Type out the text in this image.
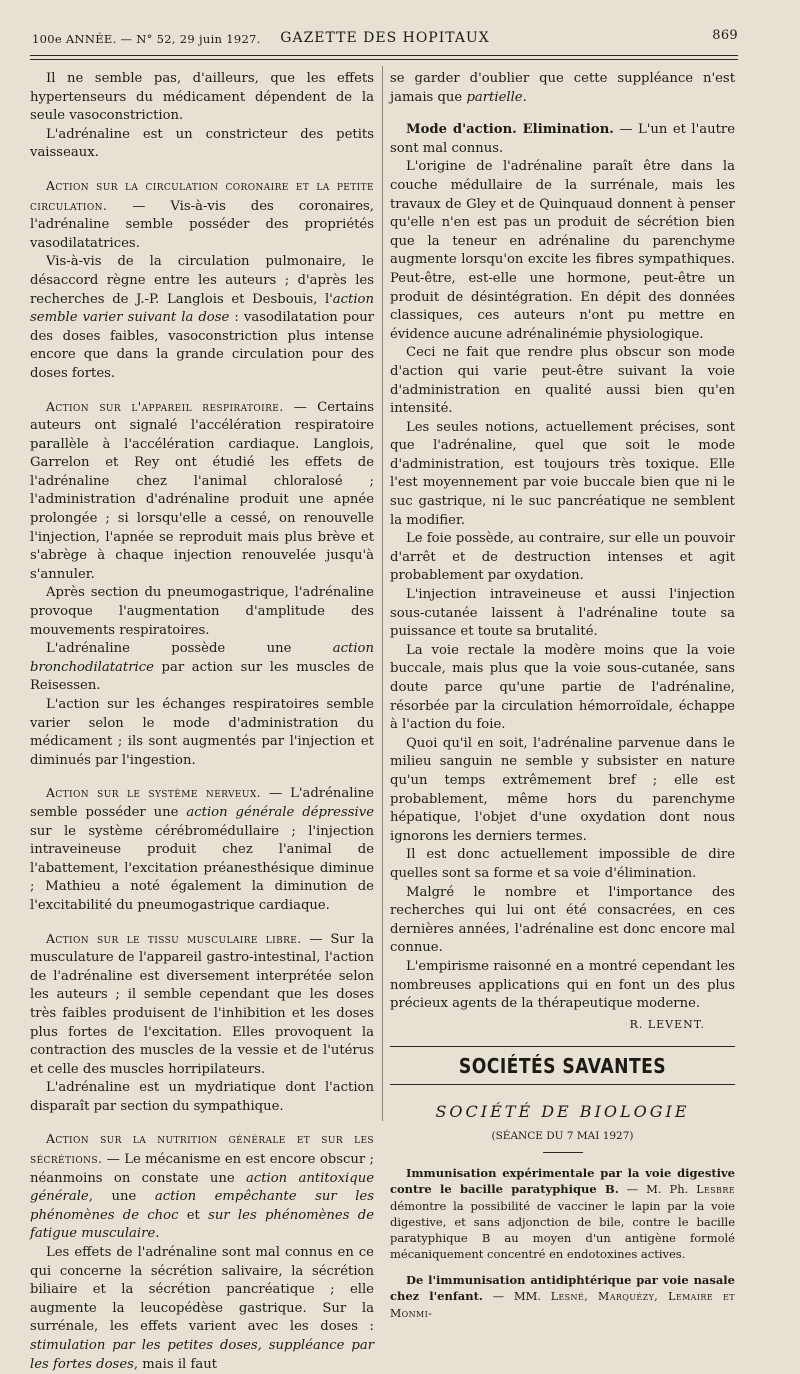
100e ANNÉE. — N° 52, 29 juin 1927.	GAZETTE DES HOPITAUX	869

Il ne semble pas, d'ailleurs, que les effets hypertenseurs du médicament dépendent de la seule vasoconstriction.

L'adrénaline est un constricteur des petits vaisseaux.

Action sur la circulation coronaire et la petite circulation. — Vis-à-vis des coronaires, l'adrénaline semble posséder des propriétés vasodilatatrices.

Vis-à-vis de la circulation pulmonaire, le désaccord règne entre les auteurs ; d'après les recherches de J.-P. Langlois et Desbouis, l'action semble varier suivant la dose : vasodilatation pour des doses faibles, vasoconstriction plus intense encore que dans la grande circulation pour des doses fortes.

Action sur l'appareil respiratoire. — Certains auteurs ont signalé l'accélération respiratoire parallèle à l'accélération cardiaque. Langlois, Garrelon et Rey ont étudié les effets de l'adrénaline chez l'animal chloralosé ; l'administration d'adrénaline produit une apnée prolongée ; si lorsqu'elle a cessé, on renouvelle l'injection, l'apnée se reproduit mais plus brève et s'abrège à chaque injection renouvelée jusqu'à s'annuler.

Après section du pneumogastrique, l'adrénaline provoque l'augmentation d'amplitude des mouvements respiratoires.

L'adrénaline possède une action bronchodilatatrice par action sur les muscles de Reisessen.

L'action sur les échanges respiratoires semble varier selon le mode d'administration du médicament ; ils sont augmentés par l'injection et diminués par l'ingestion.

Action sur le système nerveux. — L'adrénaline semble posséder une action générale dépressive sur le système cérébromédullaire ; l'injection intraveineuse produit chez l'animal de l'abattement, l'excitation préanesthésique diminue ; Mathieu a noté également la diminution de l'excitabilité du pneumogastrique cardiaque.

Action sur le tissu musculaire libre. — Sur la musculature de l'appareil gastro-intestinal, l'action de l'adrénaline est diversement interprétée selon les auteurs ; il semble cependant que les doses très faibles produisent de l'inhibition et les doses plus fortes de l'excitation. Elles provoquent la contraction des muscles de la vessie et de l'utérus et celle des muscles horripilateurs.

L'adrénaline est un mydriatique dont l'action disparaît par section du sympathique.

Action sur la nutrition générale et sur les sécrétions. — Le mécanisme en est encore obscur ; néanmoins on constate une action antitoxique générale, une action empêchante sur les phénomènes de choc et sur les phénomènes de fatigue musculaire.

Les effets de l'adrénaline sont mal connus en ce qui concerne la sécrétion salivaire, la sécrétion biliaire et la sécrétion pancréatique ; elle augmente la leucopédèse gastrique. Sur la surrénale, les effets varient avec les doses : stimulation par les petites doses, suppléance par les fortes doses, mais il faut

se garder d'oublier que cette suppléance n'est jamais que partielle.

Mode d'action. Elimination. — L'un et l'autre sont mal connus.

L'origine de l'adrénaline paraît être dans la couche médullaire de la surrénale, mais les travaux de Gley et de Quinquaud donnent à penser qu'elle n'en est pas un produit de sécrétion bien que la teneur en adrénaline du parenchyme augmente lorsqu'on excite les fibres sympathiques. Peut-être, est-elle une hormone, peut-être un produit de désintégration. En dépit des données classiques, ces auteurs n'ont pu mettre en évidence aucune adrénalinémie physiologique.

Ceci ne fait que rendre plus obscur son mode d'action qui varie peut-être suivant la voie d'administration en qualité aussi bien qu'en intensité.

Les seules notions, actuellement précises, sont que l'adrénaline, quel que soit le mode d'administration, est toujours très toxique. Elle l'est moyennement par voie buccale bien que ni le suc gastrique, ni le suc pancréatique ne semblent la modifier.

Le foie possède, au contraire, sur elle un pouvoir d'arrêt et de destruction intenses et agit probablement par oxydation.

L'injection intraveineuse et aussi l'injection sous-cutanée laissent à l'adrénaline toute sa puissance et toute sa brutalité.

La voie rectale la modère moins que la voie buccale, mais plus que la voie sous-cutanée, sans doute parce qu'une partie de l'adrénaline, résorbée par la circulation hémorroïdale, échappe à l'action du foie.

Quoi qu'il en soit, l'adrénaline parvenue dans le milieu sanguin ne semble y subsister en nature qu'un temps extrêmement bref ; elle est probablement, même hors du parenchyme hépatique, l'objet d'une oxydation dont nous ignorons les derniers termes.

Il est donc actuellement impossible de dire quelles sont sa forme et sa voie d'élimination.

Malgré le nombre et l'importance des recherches qui lui ont été consacrées, en ces dernières années, l'adrénaline est donc encore mal connue.

L'empirisme raisonné en a montré cependant les nombreuses applications qui en font un des plus précieux agents de la thérapeutique moderne.

R. LEVENT.
SOCIÉTÉS SAVANTES
SOCIÉTÉ DE BIOLOGIE
(SÉANCE DU 7 MAI 1927)

Immunisation expérimentale par la voie digestive contre le bacille paratyphique B. — M. Ph. Lesbre démontre la possibilité de vacciner le lapin par la voie digestive, et sans adjonction de bile, contre le bacille paratyphique B au moyen d'un antigène formolé mécaniquement concentré en endotoxines actives.

De l'immunisation antidiphtérique par voie nasale chez l'enfant. — MM. Lesné, Marquézy, Lemaire et Monmi-
